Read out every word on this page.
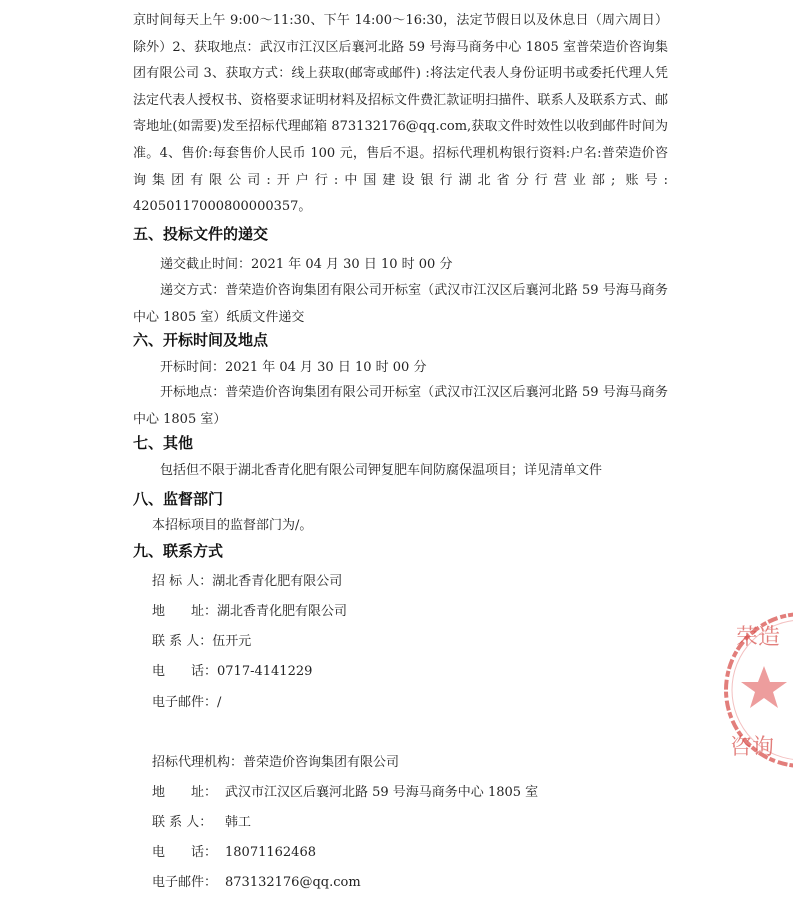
京时间每天上午 9:00～11:30、下午 14:00～16:30，法定节假日以及休息日（周六周日）除外）2、获取地点：武汉市江汉区后襄河北路 59 号海马商务中心 1805 室普荣造价咨询集团有限公司 3、获取方式：线上获取(邮寄或邮件) :将法定代表人身份证明书或委托代理人凭法定代表人授权书、资格要求证明材料及招标文件费汇款证明扫描件、联系人及联系方式、邮寄地址(如需要)发至招标代理邮箱 873132176@qq.com,获取文件时效性以收到邮件时间为准。4、售价:每套售价人民币 100 元，售后不退。招标代理机构银行资料:户名:普荣造价咨询集团有限公司:开户行:中国建设银行湖北省分行营业部; 账号: 42050117000800000357。
五、投标文件的递交
递交截止时间：2021 年 04 月 30 日 10 时 00 分
递交方式：普荣造价咨询集团有限公司开标室（武汉市江汉区后襄河北路 59 号海马商务中心 1805 室）纸质文件递交
六、开标时间及地点
开标时间：2021 年 04 月 30 日 10 时 00 分
开标地点：普荣造价咨询集团有限公司开标室（武汉市江汉区后襄河北路 59 号海马商务中心 1805 室）
七、其他
包括但不限于湖北香青化肥有限公司钾复肥车间防腐保温项目；详见清单文件
八、监督部门
本招标项目的监督部门为/。
九、联系方式
招 标 人：湖北香青化肥有限公司
地　　址：湖北香青化肥有限公司
联 系 人：伍开元
电　　话：0717-4141229
电子邮件：/
招标代理机构：普荣造价咨询集团有限公司
地　　址： 武汉市江汉区后襄河北路 59 号海马商务中心 1805 室
联 系 人： 韩工
电　　话： 18071162468
电子邮件： 873132176@qq.com
荣造
咨询
